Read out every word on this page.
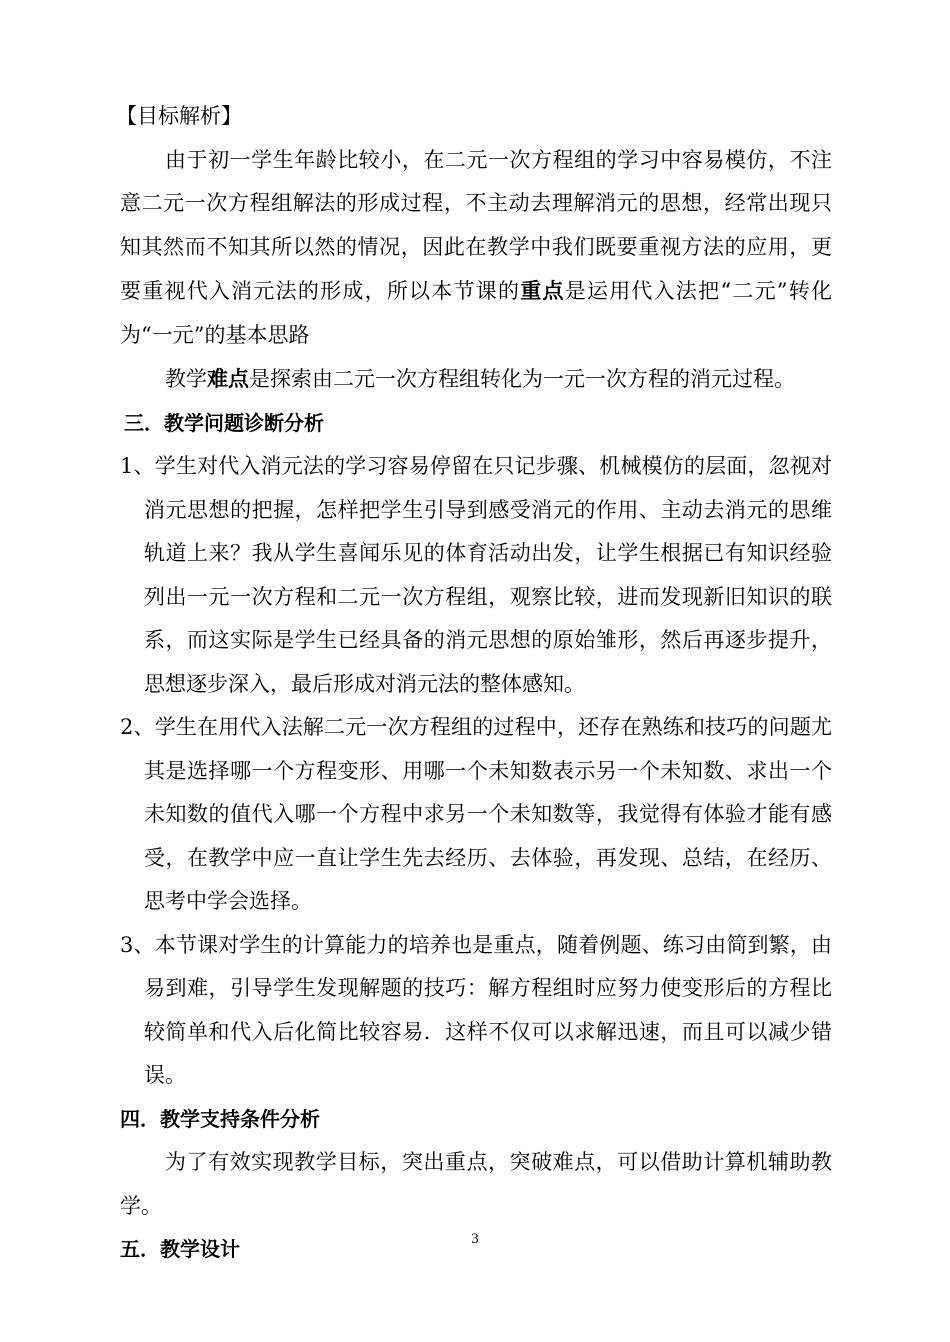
【目标解析】

由于初一学生年龄比较小，在二元一次方程组的学习中容易模仿，不注意二元一次方程组解法的形成过程，不主动去理解消元的思想，经常出现只知其然而不知其所以然的情况，因此在教学中我们既要重视方法的应用，更要重视代入消元法的形成，所以本节课的重点是运用代入法把“二元”转化为“一元”的基本思路

教学难点是探索由二元一次方程组转化为一元一次方程的消元过程。

三．教学问题诊断分析

1、学生对代入消元法的学习容易停留在只记步骤、机械模仿的层面，忽视对消元思想的把握，怎样把学生引导到感受消元的作用、主动去消元的思维轨道上来？我从学生喜闻乐见的体育活动出发，让学生根据已有知识经验列出一元一次方程和二元一次方程组，观察比较，进而发现新旧知识的联系，而这实际是学生已经具备的消元思想的原始雏形，然后再逐步提升，思想逐步深入，最后形成对消元法的整体感知。

2、学生在用代入法解二元一次方程组的过程中，还存在熟练和技巧的问题尤其是选择哪一个方程变形、用哪一个未知数表示另一个未知数、求出一个未知数的值代入哪一个方程中求另一个未知数等，我觉得有体验才能有感受，在教学中应一直让学生先去经历、去体验，再发现、总结，在经历、思考中学会选择。

3、本节课对学生的计算能力的培养也是重点，随着例题、练习由简到繁，由易到难，引导学生发现解题的技巧：解方程组时应努力使变形后的方程比较简单和代入后化简比较容易．这样不仅可以求解迅速，而且可以减少错误。

四．教学支持条件分析

为了有效实现教学目标，突出重点，突破难点，可以借助计算机辅助教学。

五．教学设计	3
